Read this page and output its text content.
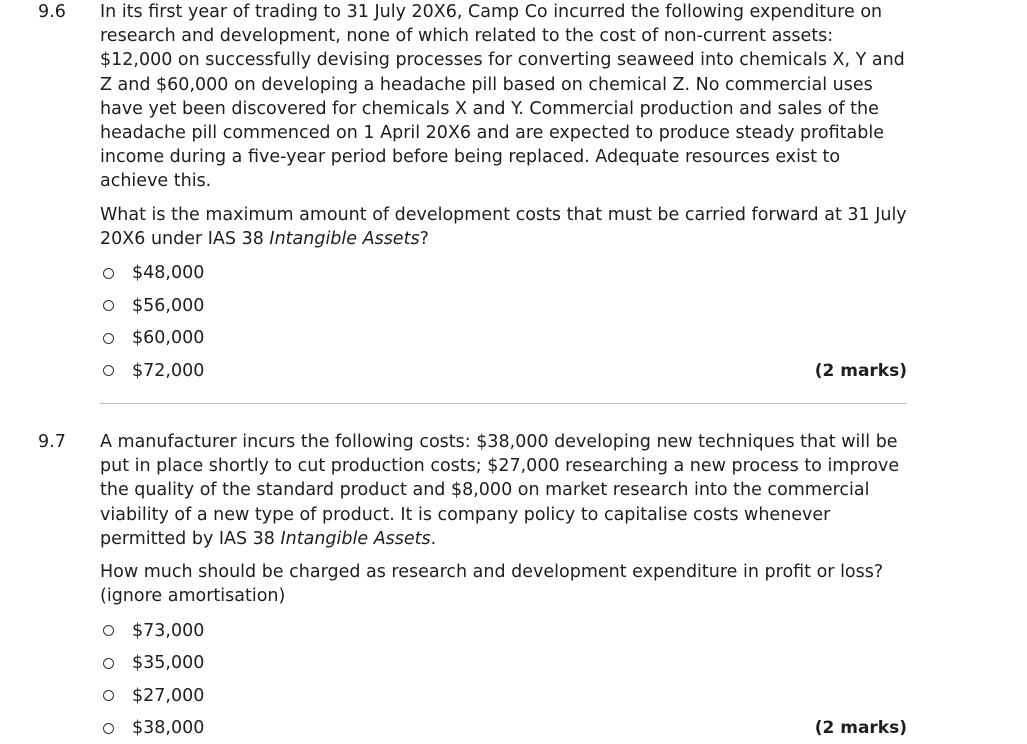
9.6 In its first year of trading to 31 July 20X6, Camp Co incurred the following expenditure on research and development, none of which related to the cost of non-current assets: $12,000 on successfully devising processes for converting seaweed into chemicals X, Y and Z and $60,000 on developing a headache pill based on chemical Z. No commercial uses have yet been discovered for chemicals X and Y. Commercial production and sales of the headache pill commenced on 1 April 20X6 and are expected to produce steady profitable income during a five-year period before being replaced. Adequate resources exist to achieve this.

What is the maximum amount of development costs that must be carried forward at 31 July 20X6 under IAS 38 Intangible Assets?

$48,000
$56,000
$60,000
$72,000	(2 marks)
9.7 A manufacturer incurs the following costs: $38,000 developing new techniques that will be put in place shortly to cut production costs; $27,000 researching a new process to improve the quality of the standard product and $8,000 on market research into the commercial viability of a new type of product. It is company policy to capitalise costs whenever permitted by IAS 38 Intangible Assets.

How much should be charged as research and development expenditure in profit or loss? (ignore amortisation)

$73,000
$35,000
$27,000
$38,000	(2 marks)
